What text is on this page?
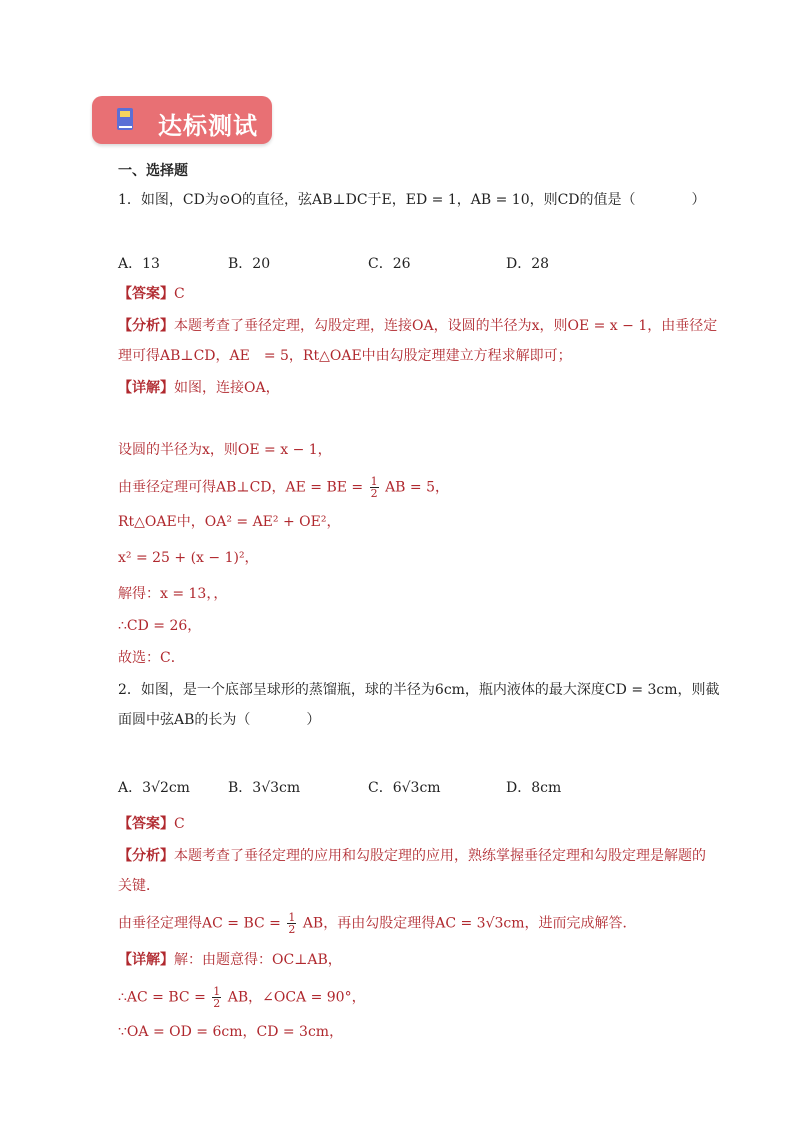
达标测试
一、选择题
1．如图，CD为⊙O的直径，弦AB⊥DC于E，ED = 1，AB = 10，则CD的值是（　　　　）
A．13	B．20	C．26	D．28
【答案】C
【分析】本题考查了垂径定理，勾股定理，连接OA，设圆的半径为x，则OE = x − 1，由垂径定
理可得AB⊥CD，AE　= 5，Rt△OAE中由勾股定理建立方程求解即可；
【详解】如图，连接OA，
设圆的半径为x，则OE = x − 1，
由垂径定理可得AB⊥CD，AE = BE = $\frac{1}{2}$ AB = 5，
Rt△OAE中，OA² = AE² + OE²，
x² = 25 + (x − 1)²，
解得：x = 13，，
∴CD = 26，
故选：C．
2．如图，是一个底部呈球形的蒸馏瓶，球的半径为6cm，瓶内液体的最大深度CD = 3cm，则截
面圆中弦AB的长为（　　　　）
A．3√2cm	B．3√3cm	C．6√3cm	D．8cm
【答案】C
【分析】本题考查了垂径定理的应用和勾股定理的应用，熟练掌握垂径定理和勾股定理是解题的
关键．
由垂径定理得AC = BC = $\frac{1}{2}$ AB，再由勾股定理得AC = 3√3cm，进而完成解答．
【详解】解：由题意得：OC⊥AB，
∴AC = BC = $\frac{1}{2}$ AB，∠OCA = 90°，
∵OA = OD = 6cm，CD = 3cm，
